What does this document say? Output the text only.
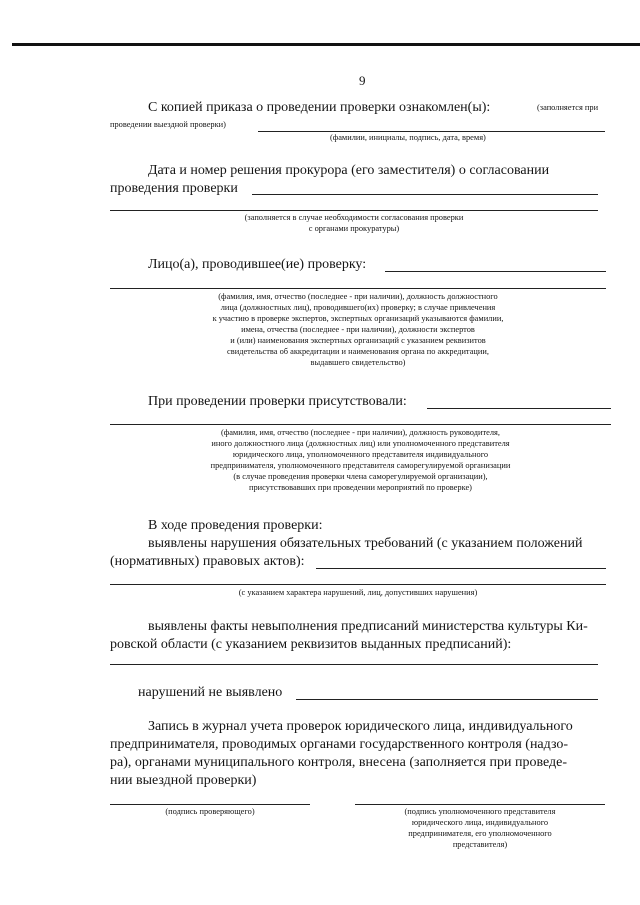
9
С копией приказа о проведении проверки ознакомлен(ы):	(заполняется при
проведении выездной проверки)
(фамилии, инициалы, подпись, дата, время)
Дата и номер решения прокурора (его заместителя) о согласовании
проведения проверки
(заполняется в случае необходимости согласования проверки
с органами прокуратуры)
Лицо(а), проводившее(ие) проверку:
(фамилия, имя, отчество (последнее - при наличии), должность должностного
лица (должностных лиц), проводившего(их) проверку; в случае привлечения
к участию в проверке экспертов, экспертных организаций указываются фамилии,
имена, отчества (последнее - при наличии), должности экспертов
и (или) наименования экспертных организаций с указанием реквизитов
свидетельства об аккредитации и наименования органа по аккредитации,
выдавшего свидетельство)
При проведении проверки присутствовали:
(фамилия, имя, отчество (последнее - при наличии), должность руководителя,
иного должностного лица (должностных лиц) или уполномоченного представителя
юридического лица, уполномоченного представителя индивидуального
предпринимателя, уполномоченного представителя саморегулируемой организации
(в случае проведения проверки члена саморегулируемой организации),
присутствовавших при проведении мероприятий по проверке)
В ходе проведения проверки:
выявлены нарушения обязательных требований (с указанием положений
(нормативных) правовых актов):
(с указанием характера нарушений, лиц, допустивших нарушения)
выявлены факты невыполнения предписаний министерства культуры Ки-
ровской области (с указанием реквизитов выданных предписаний):
нарушений не выявлено
Запись в журнал учета проверок юридического лица, индивидуального
предпринимателя, проводимых органами государственного контроля (надзо-
ра), органами муниципального контроля, внесена (заполняется при проведе-
нии выездной проверки)
(подпись проверяющего)	(подпись уполномоченного представителя
юридического лица, индивидуального
предпринимателя, его уполномоченного
представителя)
